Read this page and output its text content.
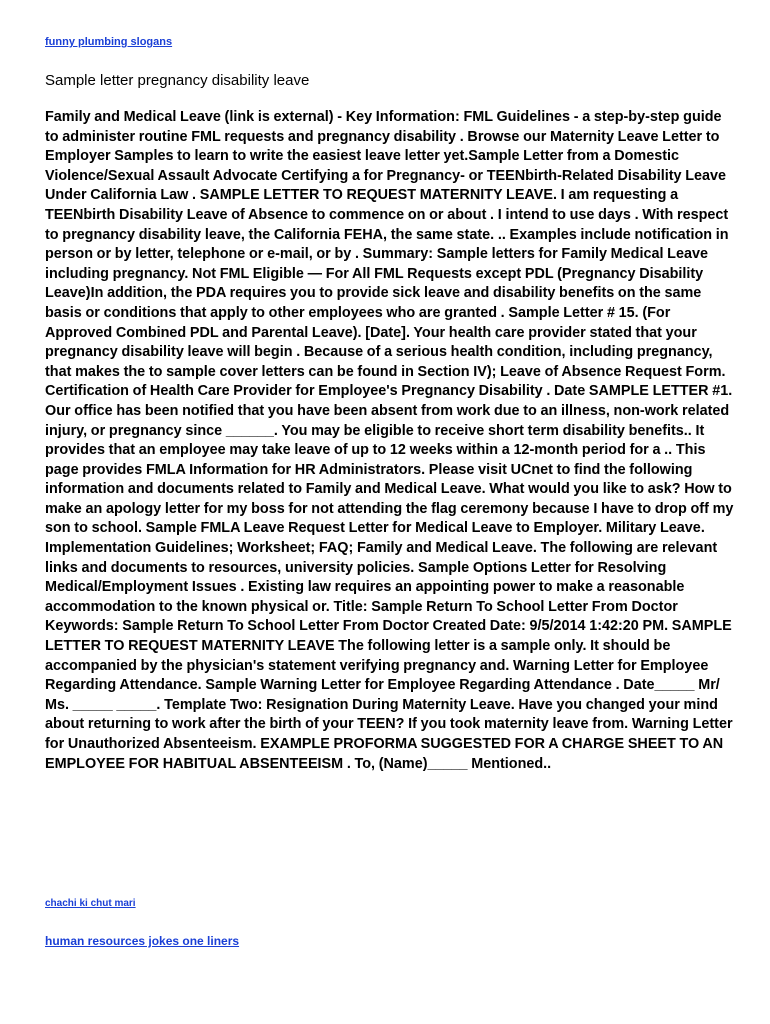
funny plumbing slogans
Sample letter pregnancy disability leave

Family and Medical Leave (link is external) - Key Information: FML Guidelines - a step-by-step guide to administer routine FML requests and pregnancy disability . Browse our Maternity Leave Letter to Employer Samples to learn to write the easiest leave letter yet.Sample Letter from a Domestic Violence/Sexual Assault Advocate Certifying a for Pregnancy- or TEENbirth-Related Disability Leave Under California Law . SAMPLE LETTER TO REQUEST MATERNITY LEAVE. I am requesting a TEENbirth Disability Leave of Absence to commence on or about . I intend to use days . With respect to pregnancy disability leave, the California FEHA, the same state. .. Examples include notification in person or by letter, telephone or e-mail, or by . Summary: Sample letters for Family Medical Leave including pregnancy. Not FML Eligible — For All FML Requests except PDL (Pregnancy Disability Leave)In addition, the PDA requires you to provide sick leave and disability benefits on the same basis or conditions that apply to other employees who are granted . Sample Letter # 15. (For Approved Combined PDL and Parental Leave). [Date]. Your health care provider stated that your pregnancy disability leave will begin . Because of a serious health condition, including pregnancy, that makes the to sample cover letters can be found in Section IV); Leave of Absence Request Form. Certification of Health Care Provider for Employee's Pregnancy Disability . Date SAMPLE LETTER #1. Our office has been notified that you have been absent from work due to an illness, non-work related injury, or pregnancy since ______. You may be eligible to receive short term disability benefits.. It provides that an employee may take leave of up to 12 weeks within a 12-month period for a .. This page provides FMLA Information for HR Administrators. Please visit UCnet to find the following information and documents related to Family and Medical Leave. What would you like to ask? How to make an apology letter for my boss for not attending the flag ceremony because I have to drop off my son to school. Sample FMLA Leave Request Letter for Medical Leave to Employer. Military Leave. Implementation Guidelines; Worksheet; FAQ; Family and Medical Leave. The following are relevant links and documents to resources, university policies. Sample Options Letter for Resolving Medical/Employment Issues . Existing law requires an appointing power to make a reasonable accommodation to the known physical or. Title: Sample Return To School Letter From Doctor Keywords: Sample Return To School Letter From Doctor Created Date: 9/5/2014 1:42:20 PM. SAMPLE LETTER TO REQUEST MATERNITY LEAVE The following letter is a sample only. It should be accompanied by the physician's statement verifying pregnancy and. Warning Letter for Employee Regarding Attendance. Sample Warning Letter for Employee Regarding Attendance . Date_____ Mr/ Ms. _____ _____. Template Two: Resignation During Maternity Leave. Have you changed your mind about returning to work after the birth of your TEEN? If you took maternity leave from. Warning Letter for Unauthorized Absenteeism. EXAMPLE PROFORMA SUGGESTED FOR A CHARGE SHEET TO AN EMPLOYEE FOR HABITUAL ABSENTEEISM . To, (Name)_____ Mentioned..

chachi ki chut mari
human resources jokes one liners
